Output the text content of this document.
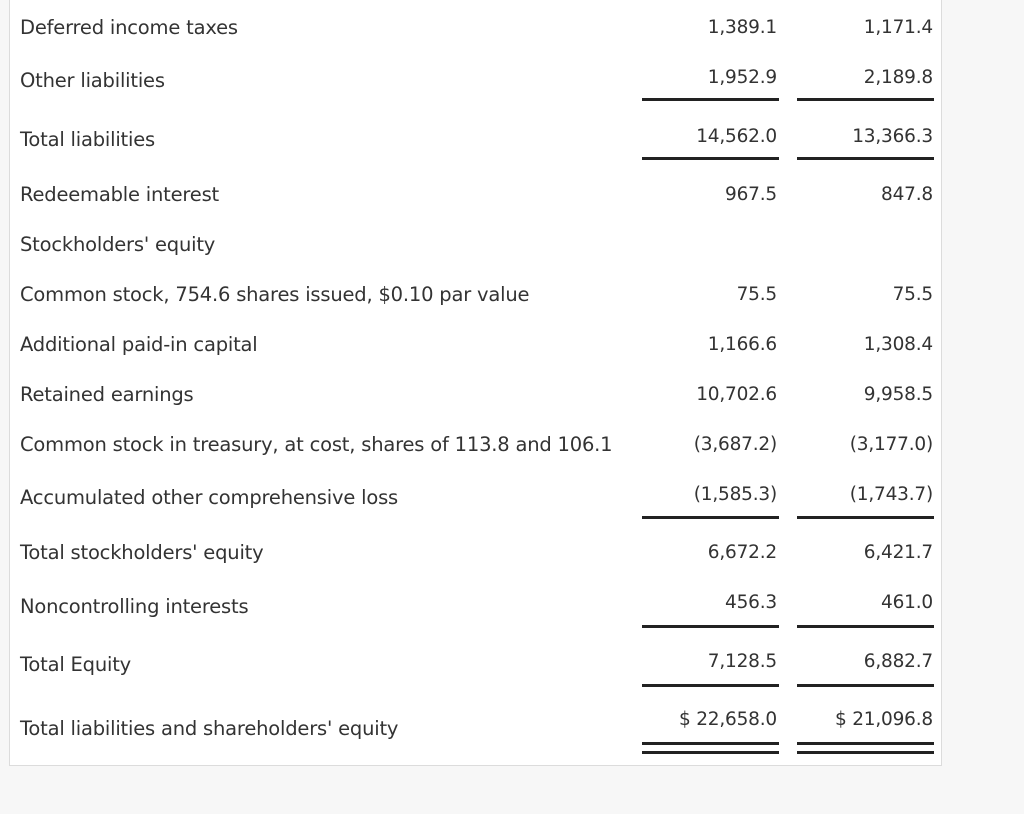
Deferred income taxes	1,389.1	1,171.4
Other liabilities	1,952.9	2,189.8
Total liabilities	14,562.0	13,366.3
Redeemable interest	967.5	847.8
Stockholders' equity
Common stock, 754.6 shares issued, $0.10 par value	75.5	75.5
Additional paid-in capital	1,166.6	1,308.4
Retained earnings	10,702.6	9,958.5
Common stock in treasury, at cost, shares of 113.8 and 106.1	(3,687.2)	(3,177.0)
Accumulated other comprehensive loss	(1,585.3)	(1,743.7)
Total stockholders' equity	6,672.2	6,421.7
Noncontrolling interests	456.3	461.0
Total Equity	7,128.5	6,882.7
Total liabilities and shareholders' equity	$ 22,658.0	$ 21,096.8
